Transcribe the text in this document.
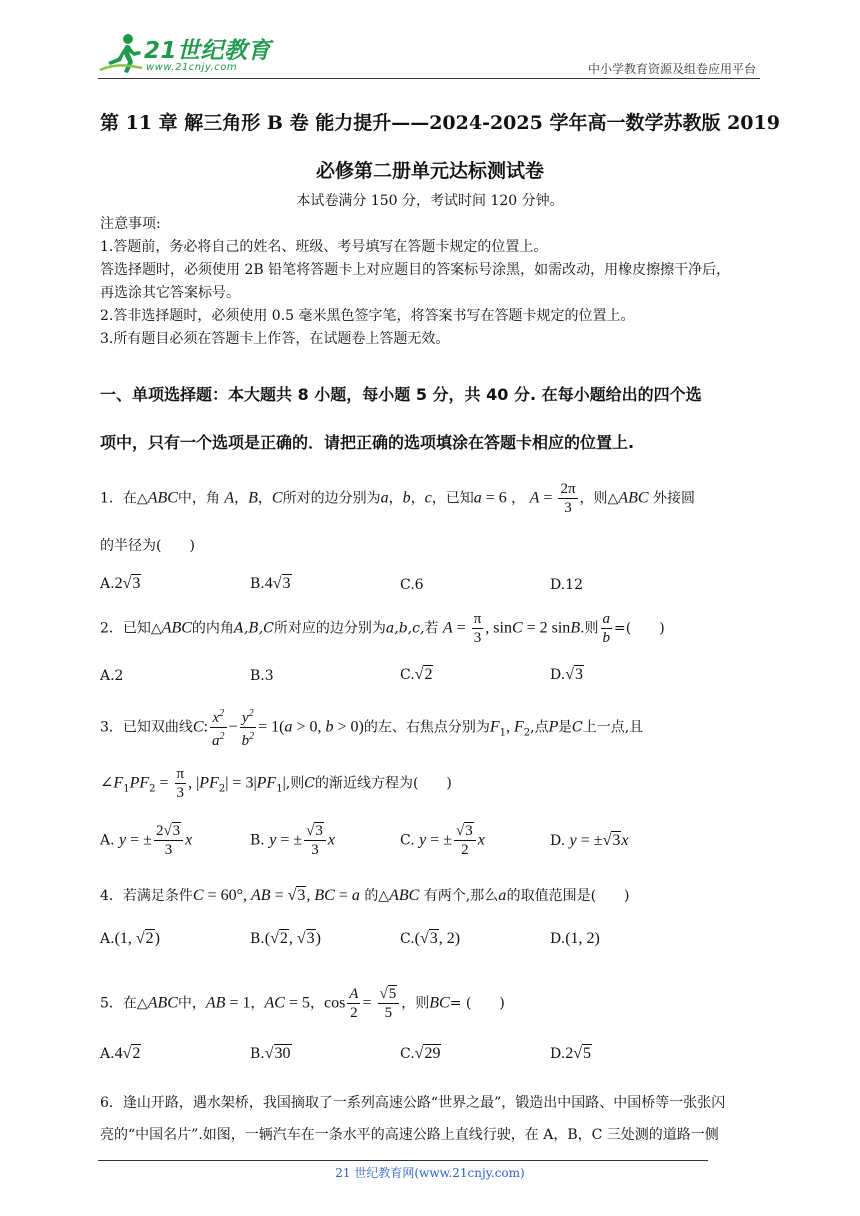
21世纪教育
www.21cnjy.com	中小学教育资源及组卷应用平台
第 11 章 解三角形 B 卷 能力提升——2024-2025 学年高一数学苏教版 2019
必修第二册单元达标测试卷
本试卷满分 150 分，考试时间 120 分钟。

注意事项:

1.答题前，务必将自己的姓名、班级、考号填写在答题卡规定的位置上。

答选择题时，必须使用 2B 铅笔将答题卡上对应题目的答案标号涂黑，如需改动，用橡皮擦擦干净后，

再选涂其它答案标号。

2.答非选择题时，必须使用 0.5 毫米黑色签字笔，将答案书写在答题卡规定的位置上。

3.所有题目必须在答题卡上作答，在试题卷上答题无效。

一、单项选择题：本大题共 8 小题，每小题 5 分，共 40 分. 在每小题给出的四个选
项中，只有一个选项是正确的．请把正确的选项填涂在答题卡相应的位置上.
1．在△ABC中，角 A，B，C所对的边分别为a，b，c，已知a = 6 ， $A = \frac{2\pi}{3}$ ，则△ABC 外接圆
的半径为(　　)
A.2√3	B.4√3	C.6	D.12
2．已知△ABC的内角A,B,C所对应的边分别为a,b,c,若 $A = \frac{\pi}{3}$ , sinC = 2 sinB.则 $\frac{a}{b}$ =(　　)
A.2	B.3	C.√2	D.√3
3．已知双曲线C: $\frac{x^2}{a^2} - \frac{y^2}{b^2} = 1(a > 0$, b > 0)的左、右焦点分别为$F_1$, $F_2$,点P是C上一点,且
$\angle F_1PF_2 = \frac{\pi}{3}$ , $|PF_2| = 3|PF_1|$,则C的渐近线方程为(　　)
A. y = ± $\frac{2√3}{3}$ x	B. y = ± $\frac{√3}{3}$ x	C. y = ± $\frac{√3}{2}$ x	D. y = ±√3x
4．若满足条件C = 60°, AB = √3, BC = a 的△ABC 有两个,那么a的取值范围是(　　)
A.(1, √2)	B.(√2, √3)	C.(√3, 2)	D.(1, 2)
5．在△ABC中，AB = 1，AC = 5，$\cos \frac{A}{2} = \frac{√5}{5}$ ，则BC= (　　)
A.4√2	B.√30	C.√29	D.2√5
6．逢山开路，遇水架桥，我国摘取了一系列高速公路“世界之最”，锻造出中国路、中国桥等一张张闪
亮的“中国名片”.如图，一辆汽车在一条水平的高速公路上直线行驶，在 A，B，C 三处测的道路一侧
21 世纪教育网(www.21cnjy.com)
